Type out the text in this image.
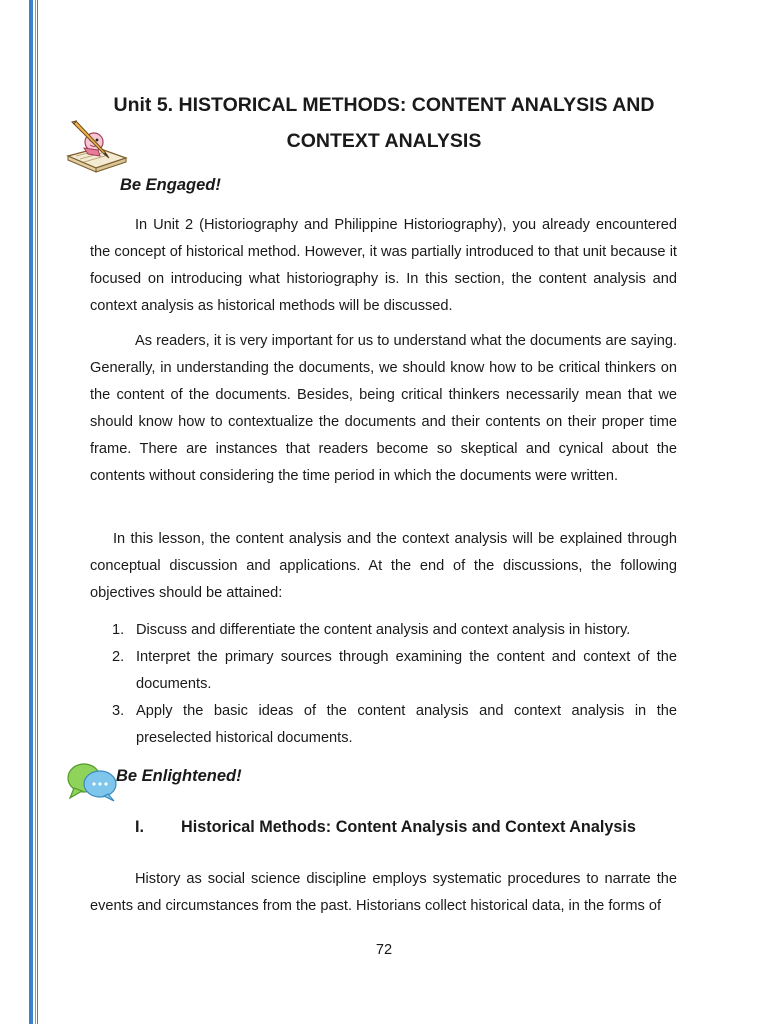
Unit 5. HISTORICAL METHODS: CONTENT ANALYSIS AND
CONTEXT ANALYSIS
Be Engaged!
In Unit 2 (Historiography and Philippine Historiography), you already encountered the concept of historical method. However, it was partially introduced to that unit because it focused on introducing what historiography is. In this section, the content analysis and context analysis as historical methods will be discussed.
As readers, it is very important for us to understand what the documents are saying. Generally, in understanding the documents, we should know how to be critical thinkers on the content of the documents. Besides, being critical thinkers necessarily mean that we should know how to contextualize the documents and their contents on their proper time frame. There are instances that readers become so skeptical and cynical about the contents without considering the time period in which the documents were written.
In this lesson, the content analysis and the context analysis will be explained through conceptual discussion and applications. At the end of the discussions, the following objectives should be attained:
1. Discuss and differentiate the content analysis and context analysis in history.
2. Interpret the primary sources through examining the content and context of the documents.
3. Apply the basic ideas of the content analysis and context analysis in the preselected historical documents.
Be Enlightened!
I. Historical Methods: Content Analysis and Context Analysis
History as social science discipline employs systematic procedures to narrate the events and circumstances from the past. Historians collect historical data, in the forms of
72
